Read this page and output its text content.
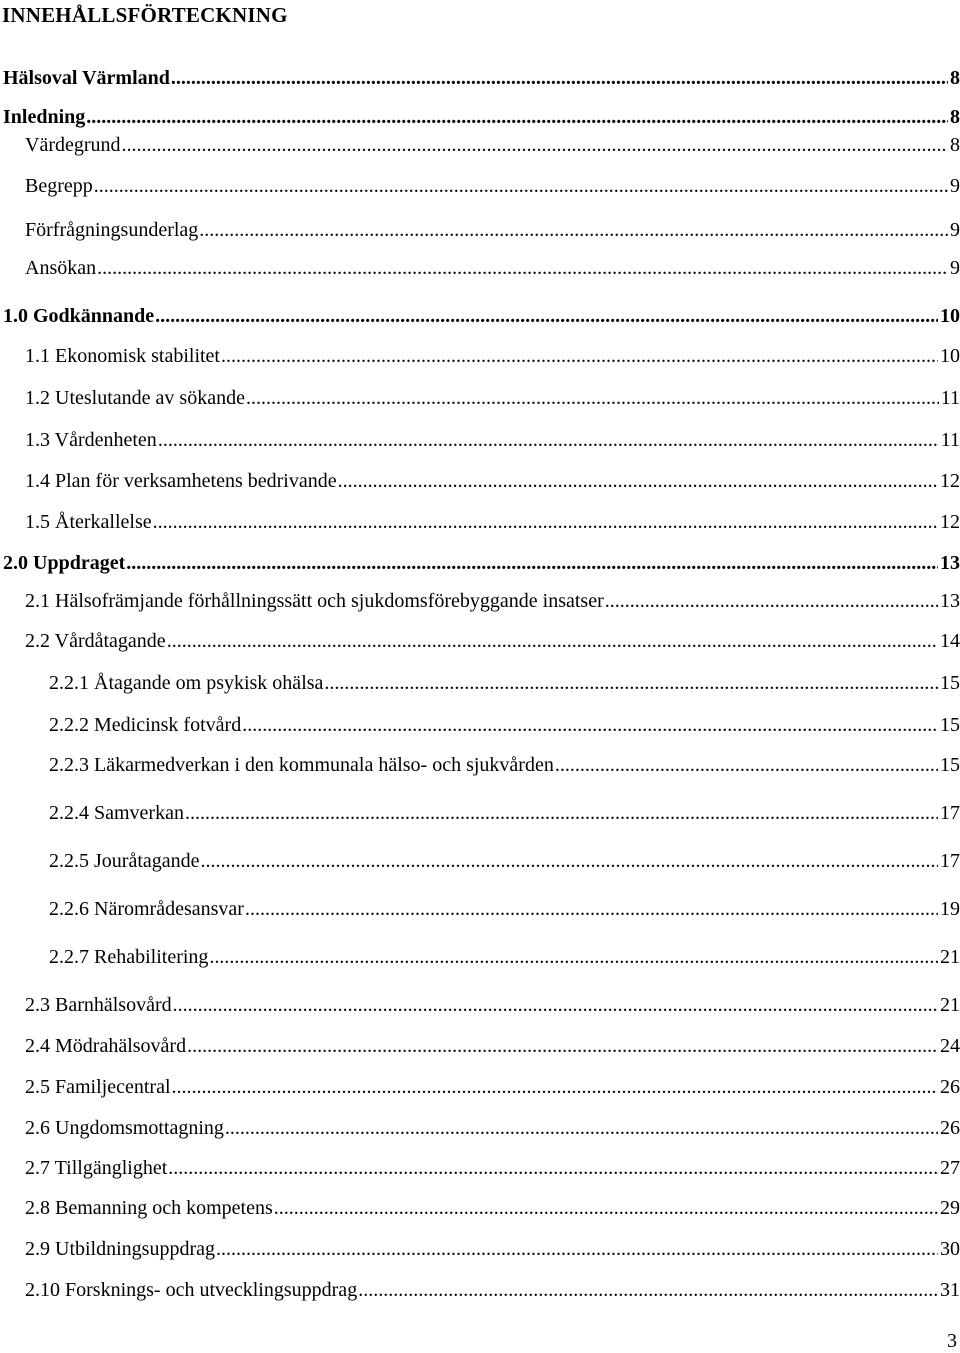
INNEHÅLLSFÖRTECKNING
Hälsoval Värmland .....	8
Inledning .....	8
Värdegrund .....	8
Begrepp .....	9
Förfrågningsunderlag .....	9
Ansökan .....	9
1.0 Godkännande .....	10
1.1 Ekonomisk stabilitet .....	10
1.2 Uteslutande av sökande .....	11
1.3 Vårdenheten .....	11
1.4 Plan för verksamhetens bedrivande .....	12
1.5 Återkallelse .....	12
2.0 Uppdraget .....	13
2.1 Hälsofrämjande förhållningssätt och sjukdomsförebyggande insatser .....	13
2.2 Vårdåtagande .....	14
2.2.1 Åtagande om psykisk ohälsa .....	15
2.2.2 Medicinsk fotvård .....	15
2.2.3 Läkarmedverkan i den kommunala hälso- och sjukvården .....	15
2.2.4 Samverkan .....	17
2.2.5 Jouråtagande .....	17
2.2.6 Närområdesansvar .....	19
2.2.7 Rehabilitering .....	21
2.3 Barnhälsovård .....	21
2.4 Mödrahälsovård .....	24
2.5 Familjecentral .....	26
2.6 Ungdomsmottagning .....	26
2.7 Tillgänglighet .....	27
2.8 Bemanning och kompetens .....	29
2.9 Utbildningsuppdrag .....	30
2.10 Forsknings- och utvecklingsuppdrag .....	31
3
